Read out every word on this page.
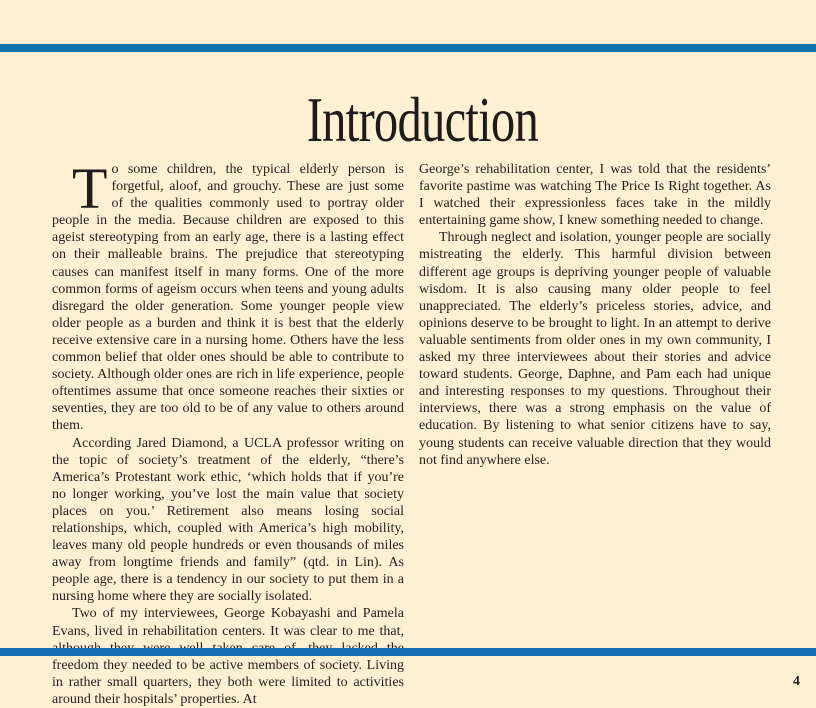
Introduction

To some children, the typical elderly person is forgetful, aloof, and grouchy. These are just some of the qualities commonly used to portray older people in the media. Because children are exposed to this ageist stereotyping from an early age, there is a lasting effect on their malleable brains. The prejudice that stereotyping causes can manifest itself in many forms. One of the more common forms of ageism occurs when teens and young adults disregard the older generation. Some younger people view older people as a burden and think it is best that the elderly receive extensive care in a nursing home. Others have the less common belief that older ones should be able to contribute to society. Although older ones are rich in life experience, people oftentimes assume that once someone reaches their sixties or seventies, they are too old to be of any value to others around them.

According Jared Diamond, a UCLA professor writing on the topic of society’s treatment of the elderly, “there’s America’s Protestant work ethic, ‘which holds that if you’re no longer working, you’ve lost the main value that society places on you.’ Retirement also means losing social relationships, which, coupled with America’s high mobility, leaves many old people hundreds or even thousands of miles away from longtime friends and family” (qtd. in Lin). As people age, there is a tendency in our society to put them in a nursing home where they are socially isolated.

Two of my interviewees, George Kobayashi and Pamela Evans, lived in rehabilitation centers. It was clear to me that, freedom they needed to be active members of society. Living in rather small quarters, they both were limited to activities around their hospitals’ properties. At

George’s rehabilitation center, I was told that the residents’ favorite pastime was watching The Price Is Right together. As I watched their expressionless faces take in the mildly entertaining game show, I knew something needed to change.

Through neglect and isolation, younger people are socially mistreating the elderly. This harmful division between different age groups is depriving younger people of valuable wisdom. It is also causing many older people to feel unappreciated. The elderly’s priceless stories, advice, and opinions deserve to be brought to light. In an attempt to derive valuable sentiments from older ones in my own community, I asked my three interviewees about their stories and advice toward students. George, Daphne, and Pam each had unique and interesting responses to my questions. Throughout their interviews, there was a strong emphasis on the value of education. By listening to what senior citizens have to say, young students can receive valuable direction that they would not find anywhere else.

4
